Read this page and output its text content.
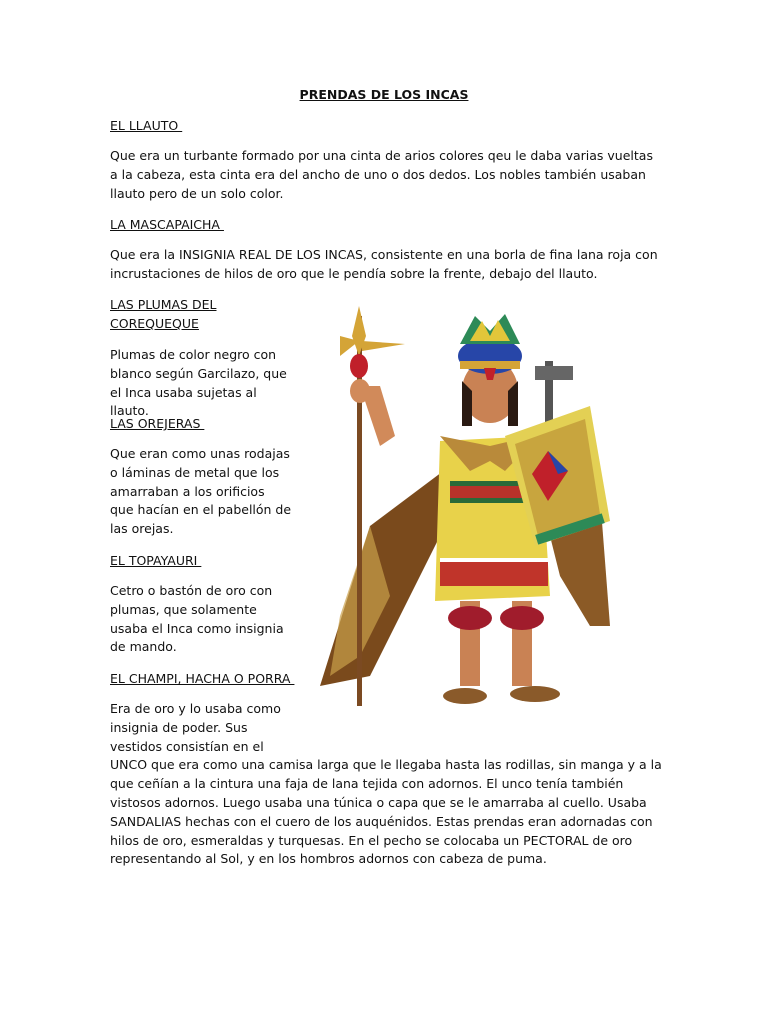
PRENDAS DE LOS INCAS
EL LLAUTO
Que era un turbante formado por una cinta de arios colores qeu le daba varias vueltas a la cabeza, esta cinta era del ancho de uno o dos dedos. Los nobles también usaban llauto pero de un solo color.
LA MASCAPAICHA
Que era la INSIGNIA REAL DE LOS INCAS, consistente en una borla de fina lana roja con incrustaciones de hilos de oro que le pendía sobre la frente, debajo del llauto.
LAS PLUMAS DEL COREQUEQUE
Plumas de color negro con blanco según Garcilazo, que el Inca usaba sujetas al llauto.
LAS OREJERAS
Que eran como unas rodajas o láminas de metal que los amarraban a los orificios que hacían en el pabellón de las orejas.
EL TOPAYAURI
Cetro o bastón de oro con plumas, que solamente usaba el Inca como insignia de mando.
EL CHAMPI, HACHA O PORRA
Era de oro y lo usaba como insignia de poder. Sus vestidos consistían en el UNCO que era como una camisa larga que le llegaba hasta las rodillas, sin manga y a la que ceñían a la cintura una faja de lana tejida con adornos. El unco tenía también vistosos adornos. Luego usaba una túnica o capa que se le amarraba al cuello. Usaba SANDALIAS hechas con el cuero de los auquénidos. Estas prendas eran adornadas con hilos de oro, esmeraldas y turquesas. En el pecho se colocaba un PECTORAL de oro representando al Sol, y en los hombros adornos con cabeza de puma.
